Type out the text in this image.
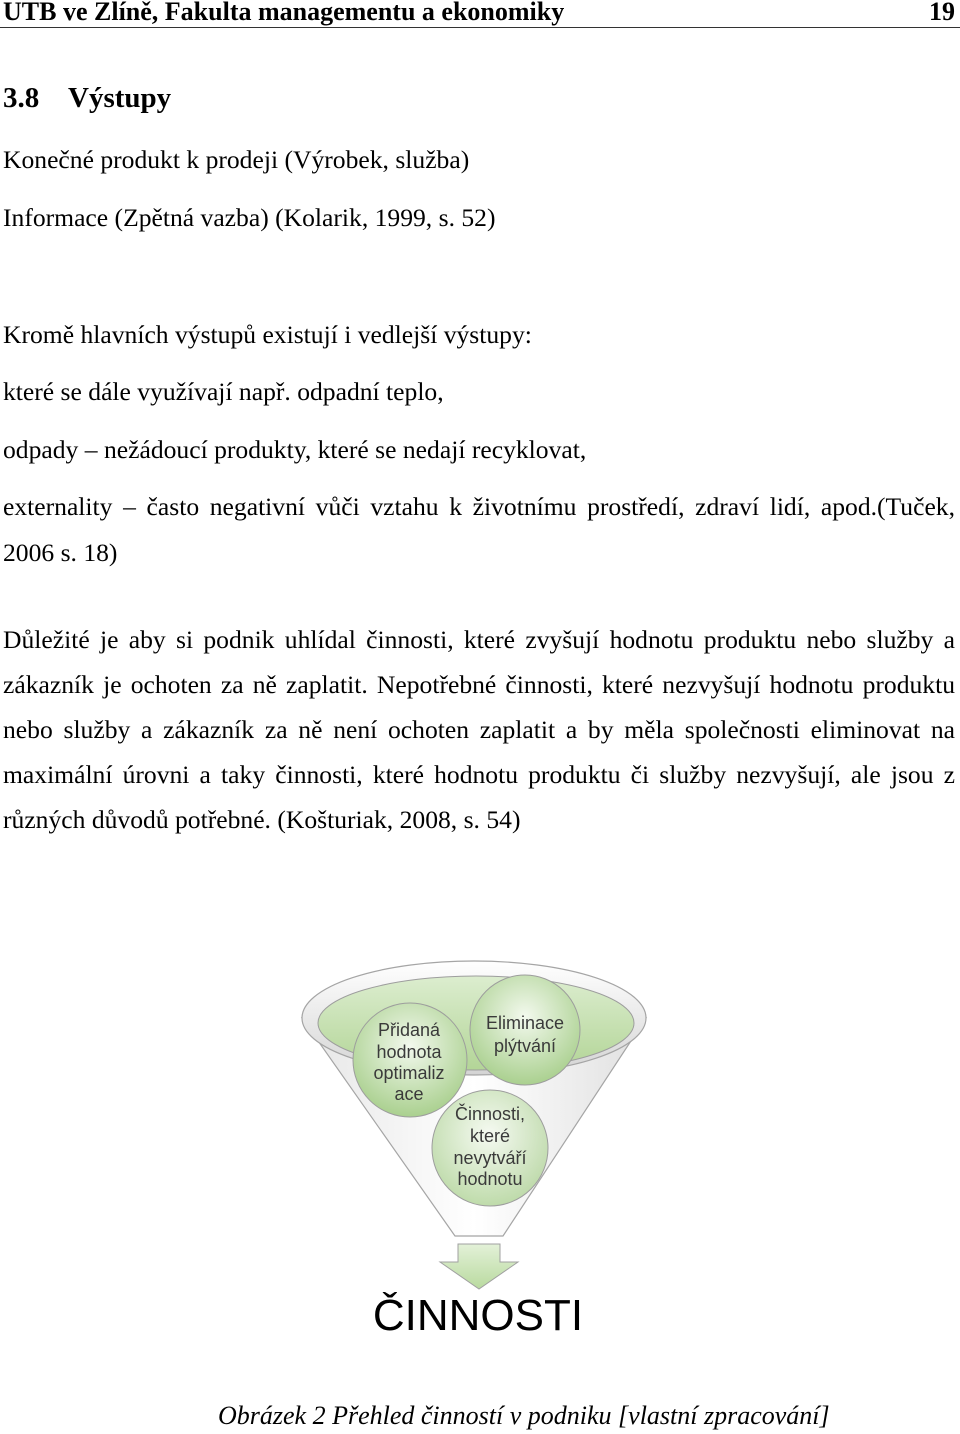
UTB ve Zlíně, Fakulta managementu a ekonomiky	19
3.8 Výstupy
Konečné produkt k prodeji (Výrobek, služba)
Informace (Zpětná vazba) (Kolarik, 1999, s. 52)
Kromě hlavních výstupů existují i vedlejší výstupy:
které se dále využívají např. odpadní teplo,
odpady – nežádoucí produkty, které se nedají recyklovat,
externality – často negativní vůči vztahu k životnímu prostředí, zdraví lidí, apod.(Tuček,
2006 s. 18)
Důležité je aby si podnik uhlídal činnosti, které zvyšují hodnotu produktu nebo služby a
zákazník je ochoten za ně zaplatit. Nepotřebné činnosti, které nezvyšují hodnotu produktu
nebo služby a zákazník za ně není ochoten zaplatit a by měla společnosti eliminovat na
maximální úrovni a taky činnosti, které hodnotu produktu či služby nezvyšují, ale jsou z
různých důvodů potřebné. (Košturiak, 2008, s. 54)
Přidaná
hodnota
optimaliz
ace
Eliminace
plýtvání
Činnosti,
které
nevytváří
hodnotu
ČINNOSTI
Obrázek 2 Přehled činností v podniku [vlastní zpracování]
